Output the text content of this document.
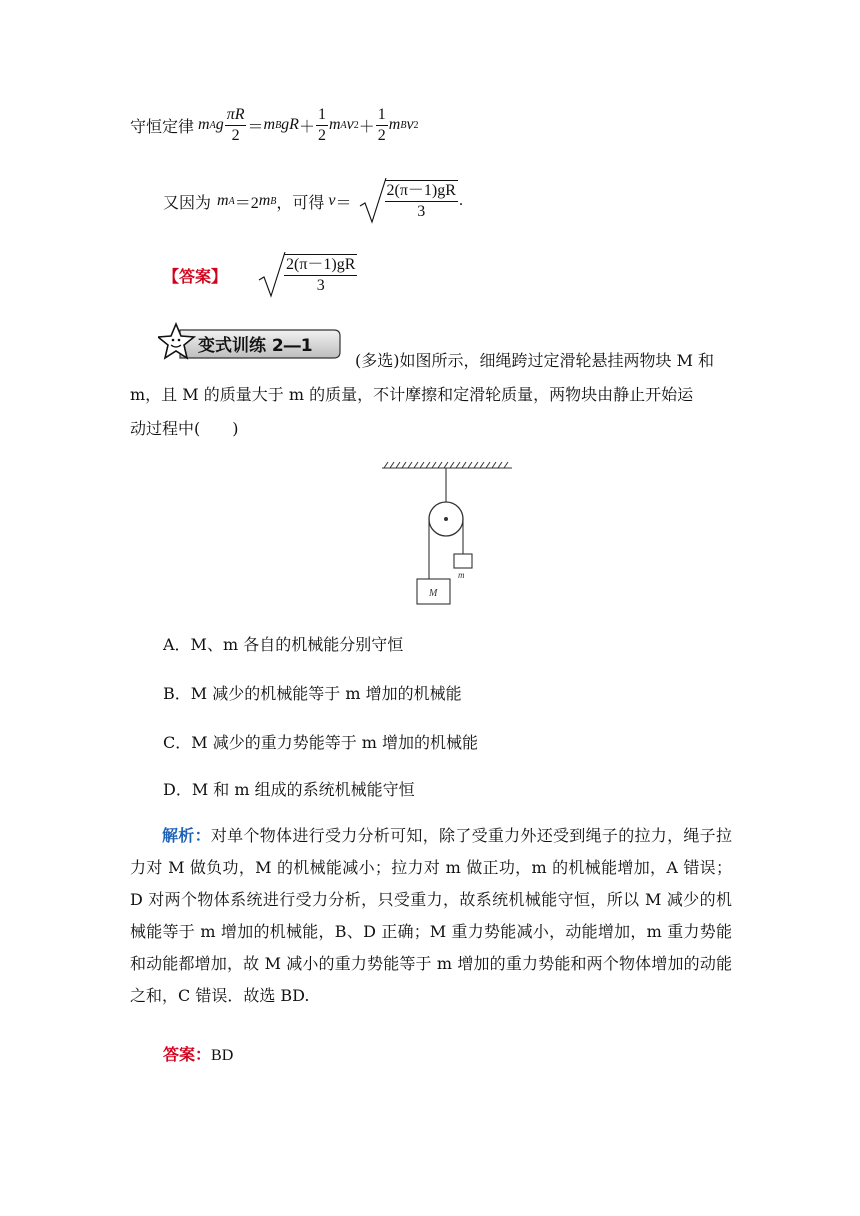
守恒定律 m A g $\frac{\pi R}{2} = m$ B gR ＋ $\frac{1}{2}$ m A v $2 + \frac{1}{2}$ m B v 2
又因为 m A ＝2 m B ，可得 $v = \frac{2(\pi-1)gR}{3}$ .
【答案】	$\frac{2(\pi-1)gR}{3}$
变式训练 2―1
(多选)如图所示，细绳跨过定滑轮悬挂两物块 M 和
m，且 M 的质量大于 m 的质量，不计摩擦和定滑轮质量，两物块由静止开始运
动过程中(　　)
m
M
A．M、m 各自的机械能分别守恒
B．M 减少的机械能等于 m 增加的机械能
C．M 减少的重力势能等于 m 增加的机械能
D．M 和 m 组成的系统机械能守恒
解析：对单个物体进行受力分析可知，除了受重力外还受到绳子的拉力，绳子拉力对 M 做负功，M 的机械能减小；拉力对 m 做正功，m 的机械能增加，A 错误；D 对两个物体系统进行受力分析，只受重力，故系统机械能守恒，所以 M 减少的机械能等于 m 增加的机械能，B、D 正确；M 重力势能减小，动能增加，m 重力势能和动能都增加，故 M 减小的重力势能等于 m 增加的重力势能和两个物体增加的动能之和，C 错误．故选 BD.
答案：BD
